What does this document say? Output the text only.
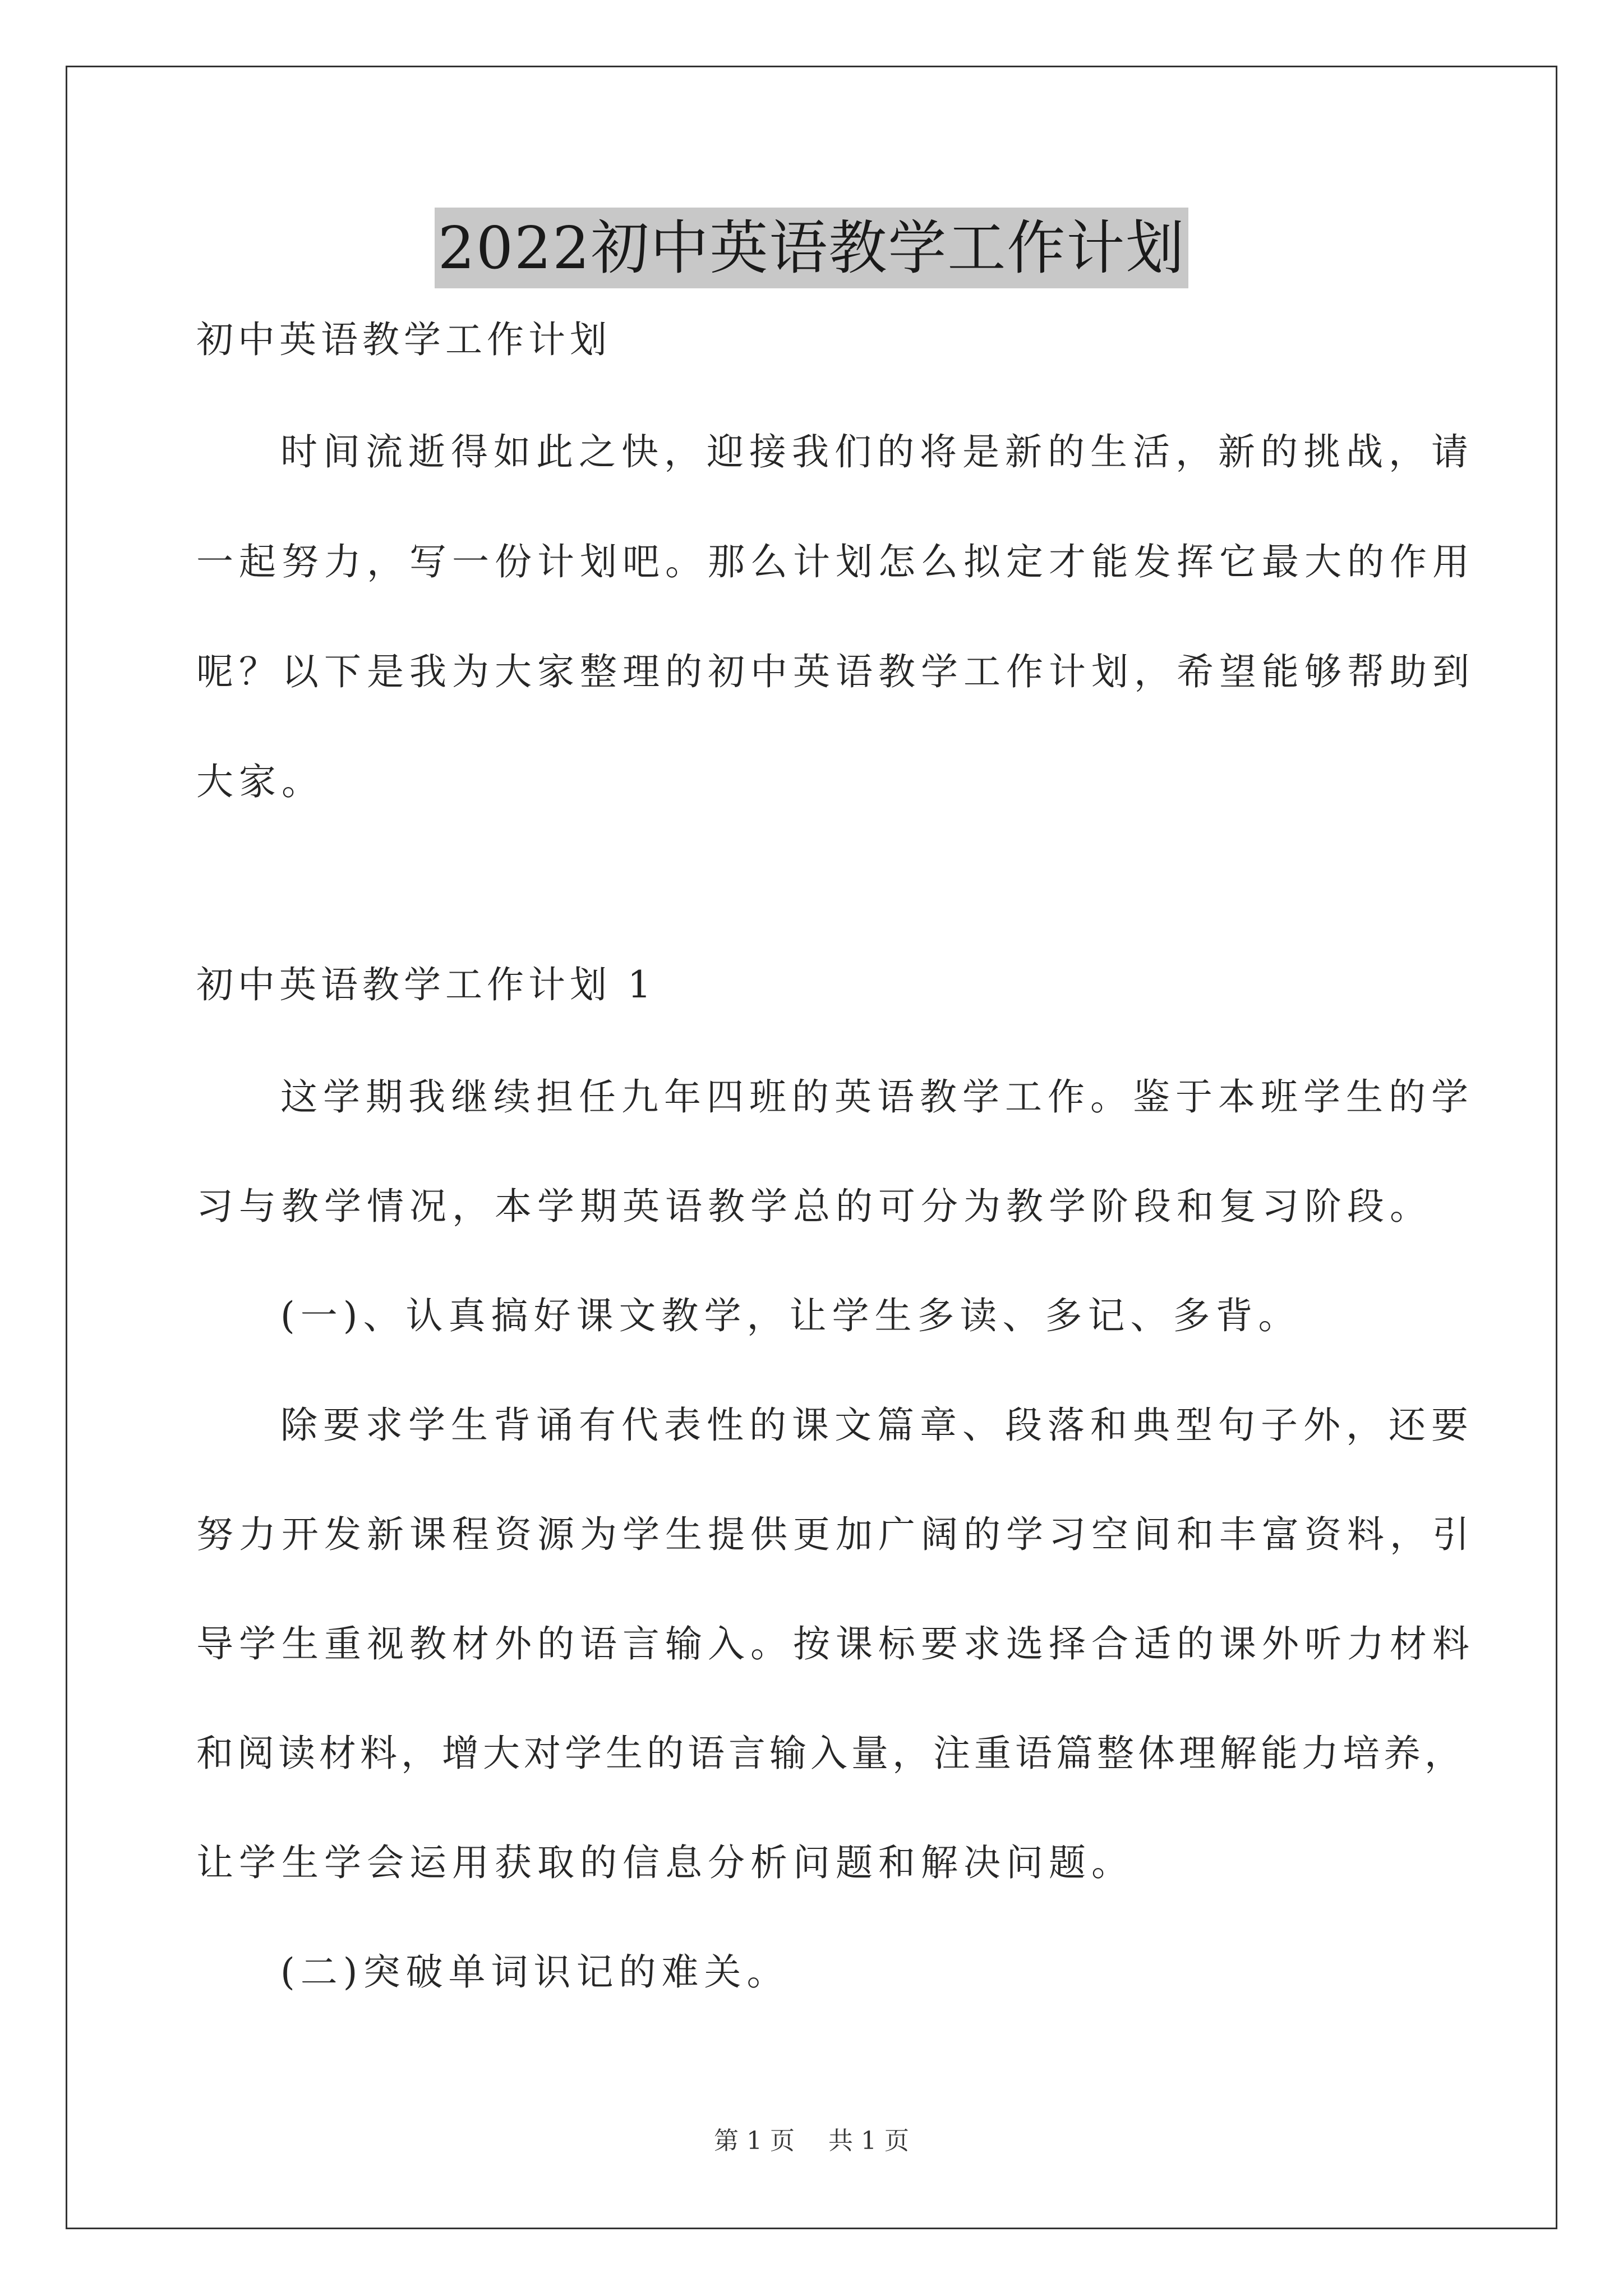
2022初中英语教学工作计划
初中英语教学工作计划
时间流逝得如此之快，迎接我们的将是新的生活，新的挑战，请
一起努力，写一份计划吧。那么计划怎么拟定才能发挥它最大的作用
呢？以下是我为大家整理的初中英语教学工作计划，希望能够帮助到
大家。
初中英语教学工作计划 1
这学期我继续担任九年四班的英语教学工作。鉴于本班学生的学
习与教学情况，本学期英语教学总的可分为教学阶段和复习阶段。
(一)、认真搞好课文教学，让学生多读、多记、多背。
除要求学生背诵有代表性的课文篇章、段落和典型句子外，还要
努力开发新课程资源为学生提供更加广阔的学习空间和丰富资料，引
导学生重视教材外的语言输入。按课标要求选择合适的课外听力材料
和阅读材料，增大对学生的语言输入量，注重语篇整体理解能力培养，
让学生学会运用获取的信息分析问题和解决问题。
(二)突破单词识记的难关。
第 1 页 共 1 页
